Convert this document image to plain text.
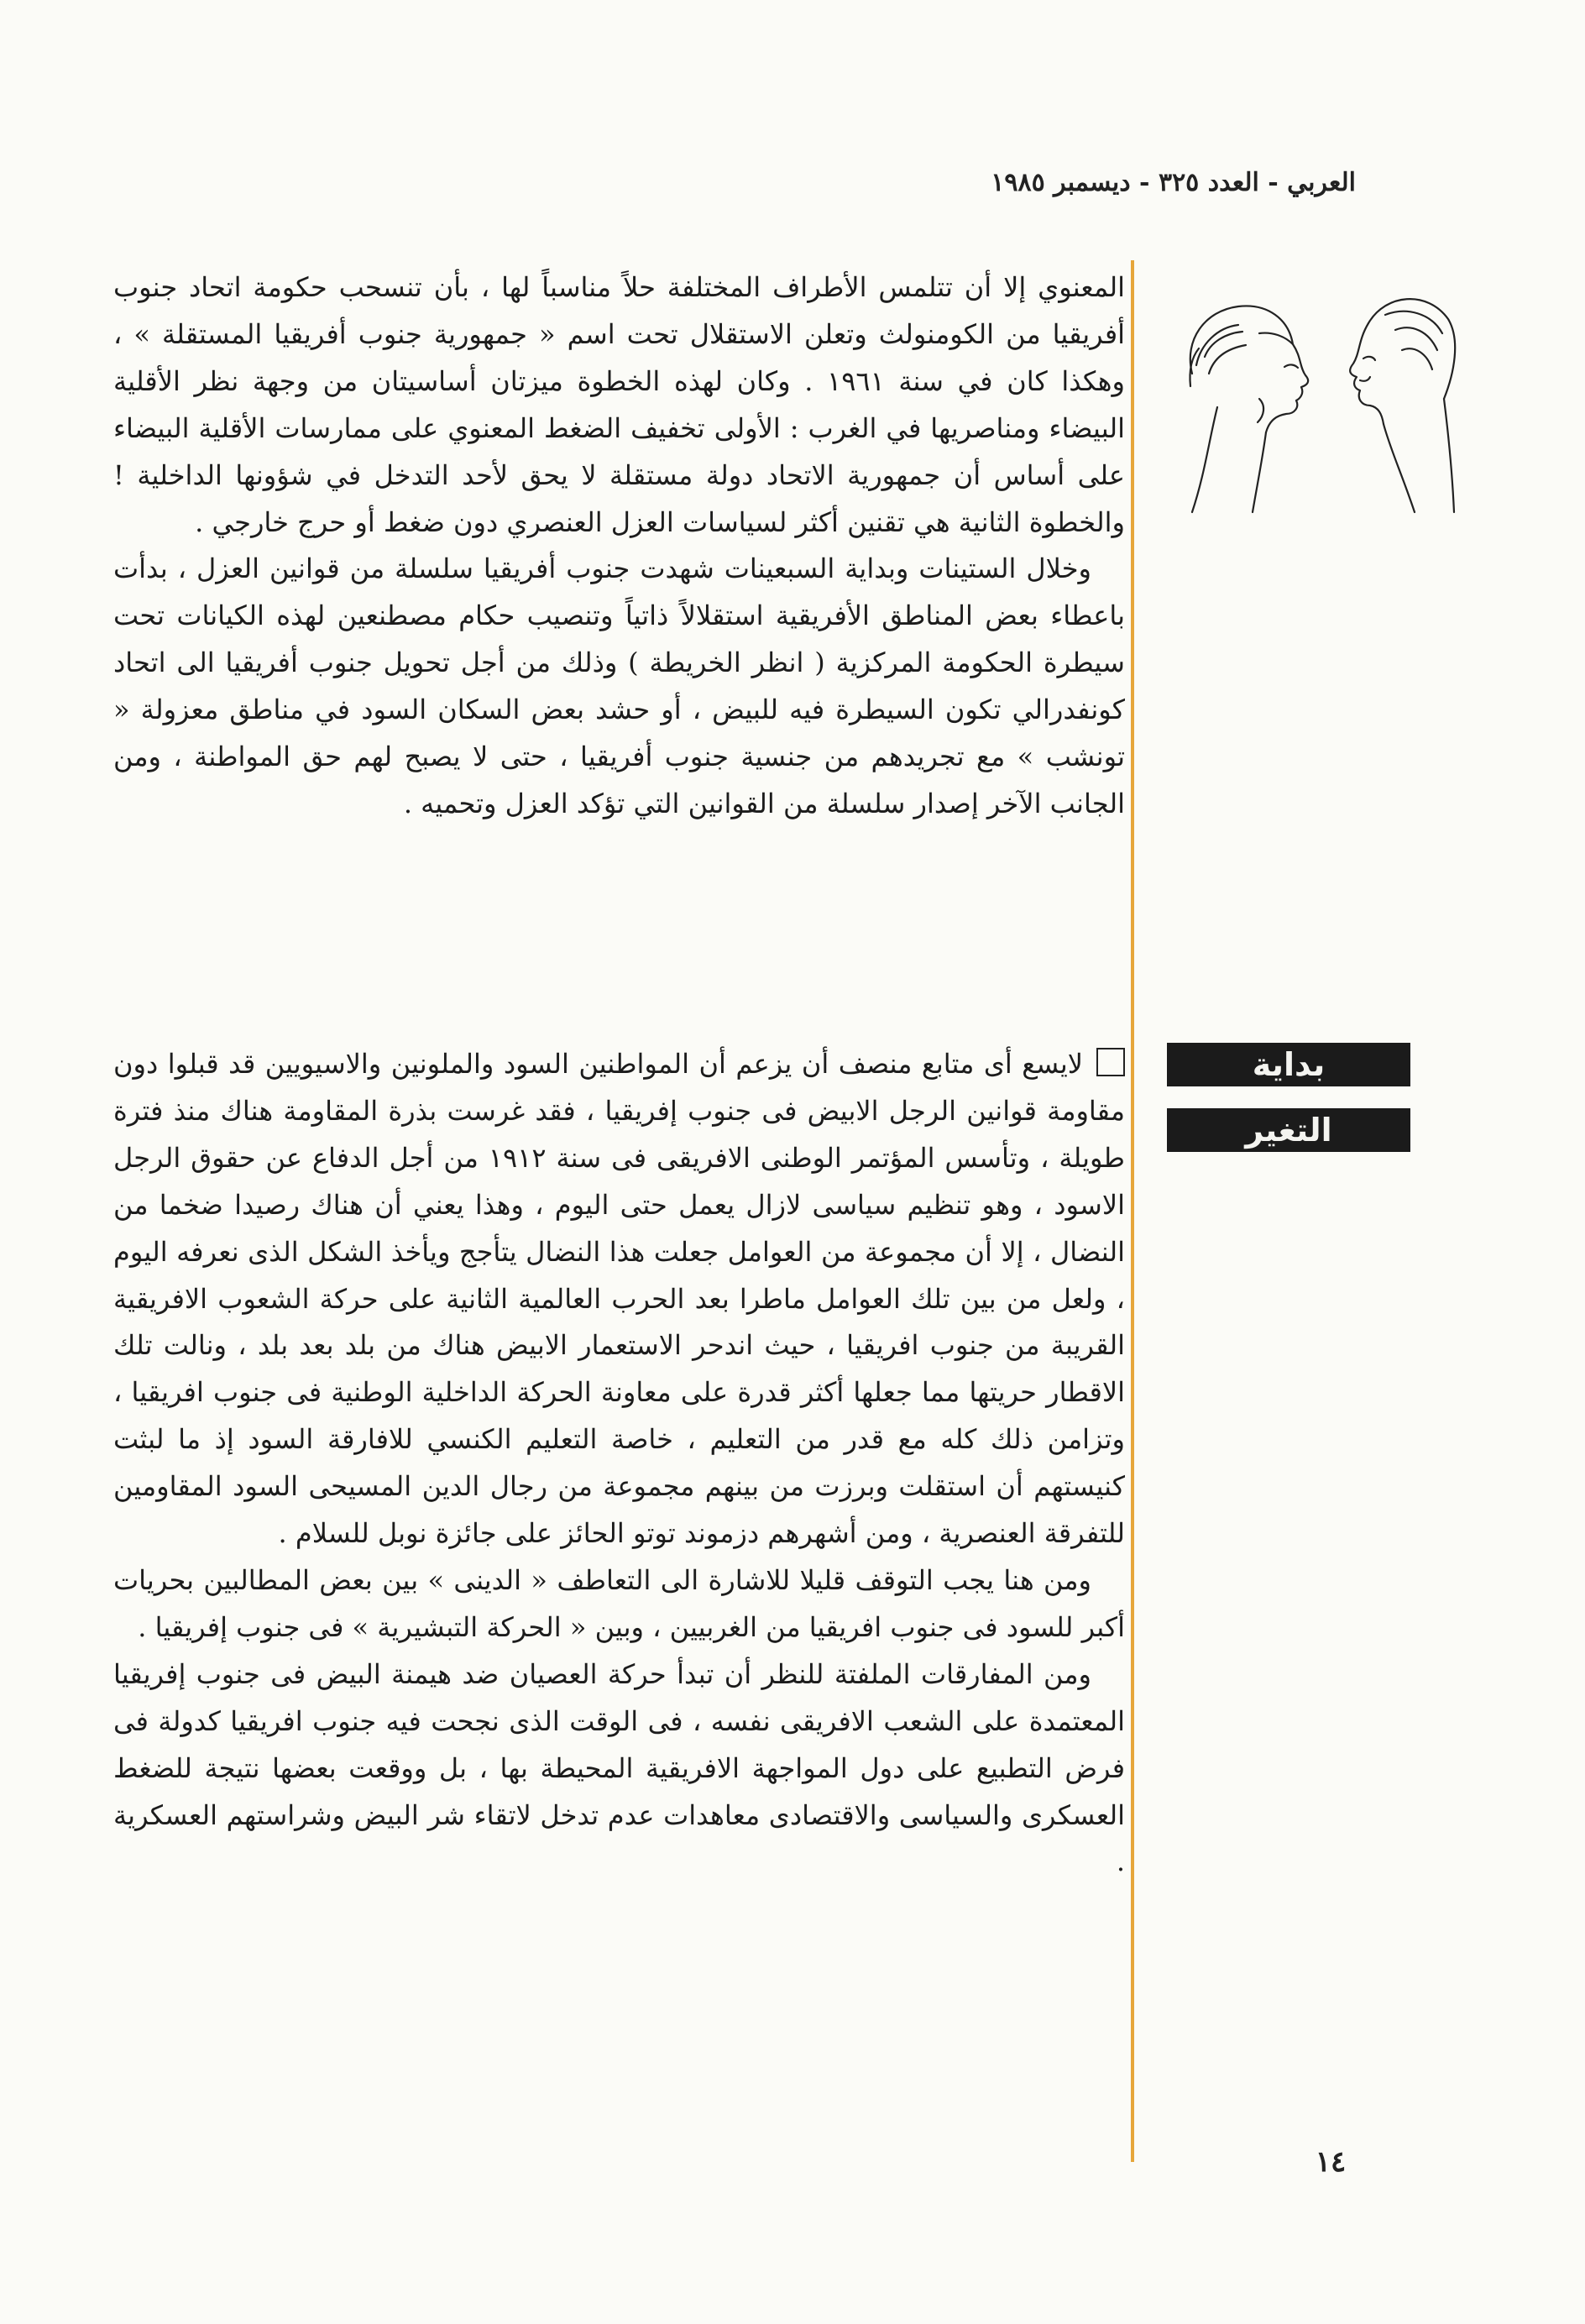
العربي - العدد ٣٢٥ - ديسمبر ١٩٨٥

المعنوي إلا أن تتلمس الأطراف المختلفة حلاً مناسباً لها ، بأن تنسحب حكومة اتحاد جنوب أفريقيا من الكومنولث وتعلن الاستقلال تحت اسم « جمهورية جنوب أفريقيا المستقلة » ، وهكذا كان في سنة ١٩٦١ . وكان لهذه الخطوة ميزتان أساسيتان من وجهة نظر الأقلية البيضاء ومناصريها في الغرب : الأولى تخفيف الضغط المعنوي على ممارسات الأقلية البيضاء على أساس أن جمهورية الاتحاد دولة مستقلة لا يحق لأحد التدخل في شؤونها الداخلية ! والخطوة الثانية هي تقنين أكثر لسياسات العزل العنصري دون ضغط أو حرج خارجي .

وخلال الستينات وبداية السبعينات شهدت جنوب أفريقيا سلسلة من قوانين العزل ، بدأت باعطاء بعض المناطق الأفريقية استقلالاً ذاتياً وتنصيب حكام مصطنعين لهذه الكيانات تحت سيطرة الحكومة المركزية ( انظر الخريطة ) وذلك من أجل تحويل جنوب أفريقيا الى اتحاد كونفدرالي تكون السيطرة فيه للبيض ، أو حشد بعض السكان السود في مناطق معزولة « تونشب » مع تجريدهم من جنسية جنوب أفريقيا ، حتى لا يصبح لهم حق المواطنة ، ومن الجانب الآخر إصدار سلسلة من القوانين التي تؤكد العزل وتحميه .

بداية
التغير

لايسع أى متابع منصف أن يزعم أن المواطنين السود والملونين والاسيويين قد قبلوا دون مقاومة قوانين الرجل الابيض فى جنوب إفريقيا ، فقد غرست بذرة المقاومة هناك منذ فترة طويلة ، وتأسس المؤتمر الوطنى الافريقى فى سنة ١٩١٢ من أجل الدفاع عن حقوق الرجل الاسود ، وهو تنظيم سياسى لازال يعمل حتى اليوم ، وهذا يعني أن هناك رصيدا ضخما من النضال ، إلا أن مجموعة من العوامل جعلت هذا النضال يتأجج ويأخذ الشكل الذى نعرفه اليوم ، ولعل من بين تلك العوامل ماطرا بعد الحرب العالمية الثانية على حركة الشعوب الافريقية القريبة من جنوب افريقيا ، حيث اندحر الاستعمار الابيض هناك من بلد بعد بلد ، ونالت تلك الاقطار حريتها مما جعلها أكثر قدرة على معاونة الحركة الداخلية الوطنية فى جنوب افريقيا ، وتزامن ذلك كله مع قدر من التعليم ، خاصة التعليم الكنسي للافارقة السود إذ ما لبثت كنيستهم أن استقلت وبرزت من بينهم مجموعة من رجال الدين المسيحى السود المقاومين للتفرقة العنصرية ، ومن أشهرهم دزموند توتو الحائز على جائزة نوبل للسلام .

ومن هنا يجب التوقف قليلا للاشارة الى التعاطف « الدينى » بين بعض المطالبين بحريات أكبر للسود فى جنوب افريقيا من الغربيين ، وبين « الحركة التبشيرية » فى جنوب إفريقيا .

ومن المفارقات الملفتة للنظر أن تبدأ حركة العصيان ضد هيمنة البيض فى جنوب إفريقيا المعتمدة على الشعب الافريقى نفسه ، فى الوقت الذى نجحت فيه جنوب افريقيا كدولة فى فرض التطبيع على دول المواجهة الافريقية المحيطة بها ، بل ووقعت بعضها نتيجة للضغط العسكرى والسياسى والاقتصادى معاهدات عدم تدخل لاتقاء شر البيض وشراستهم العسكرية .

١٤
